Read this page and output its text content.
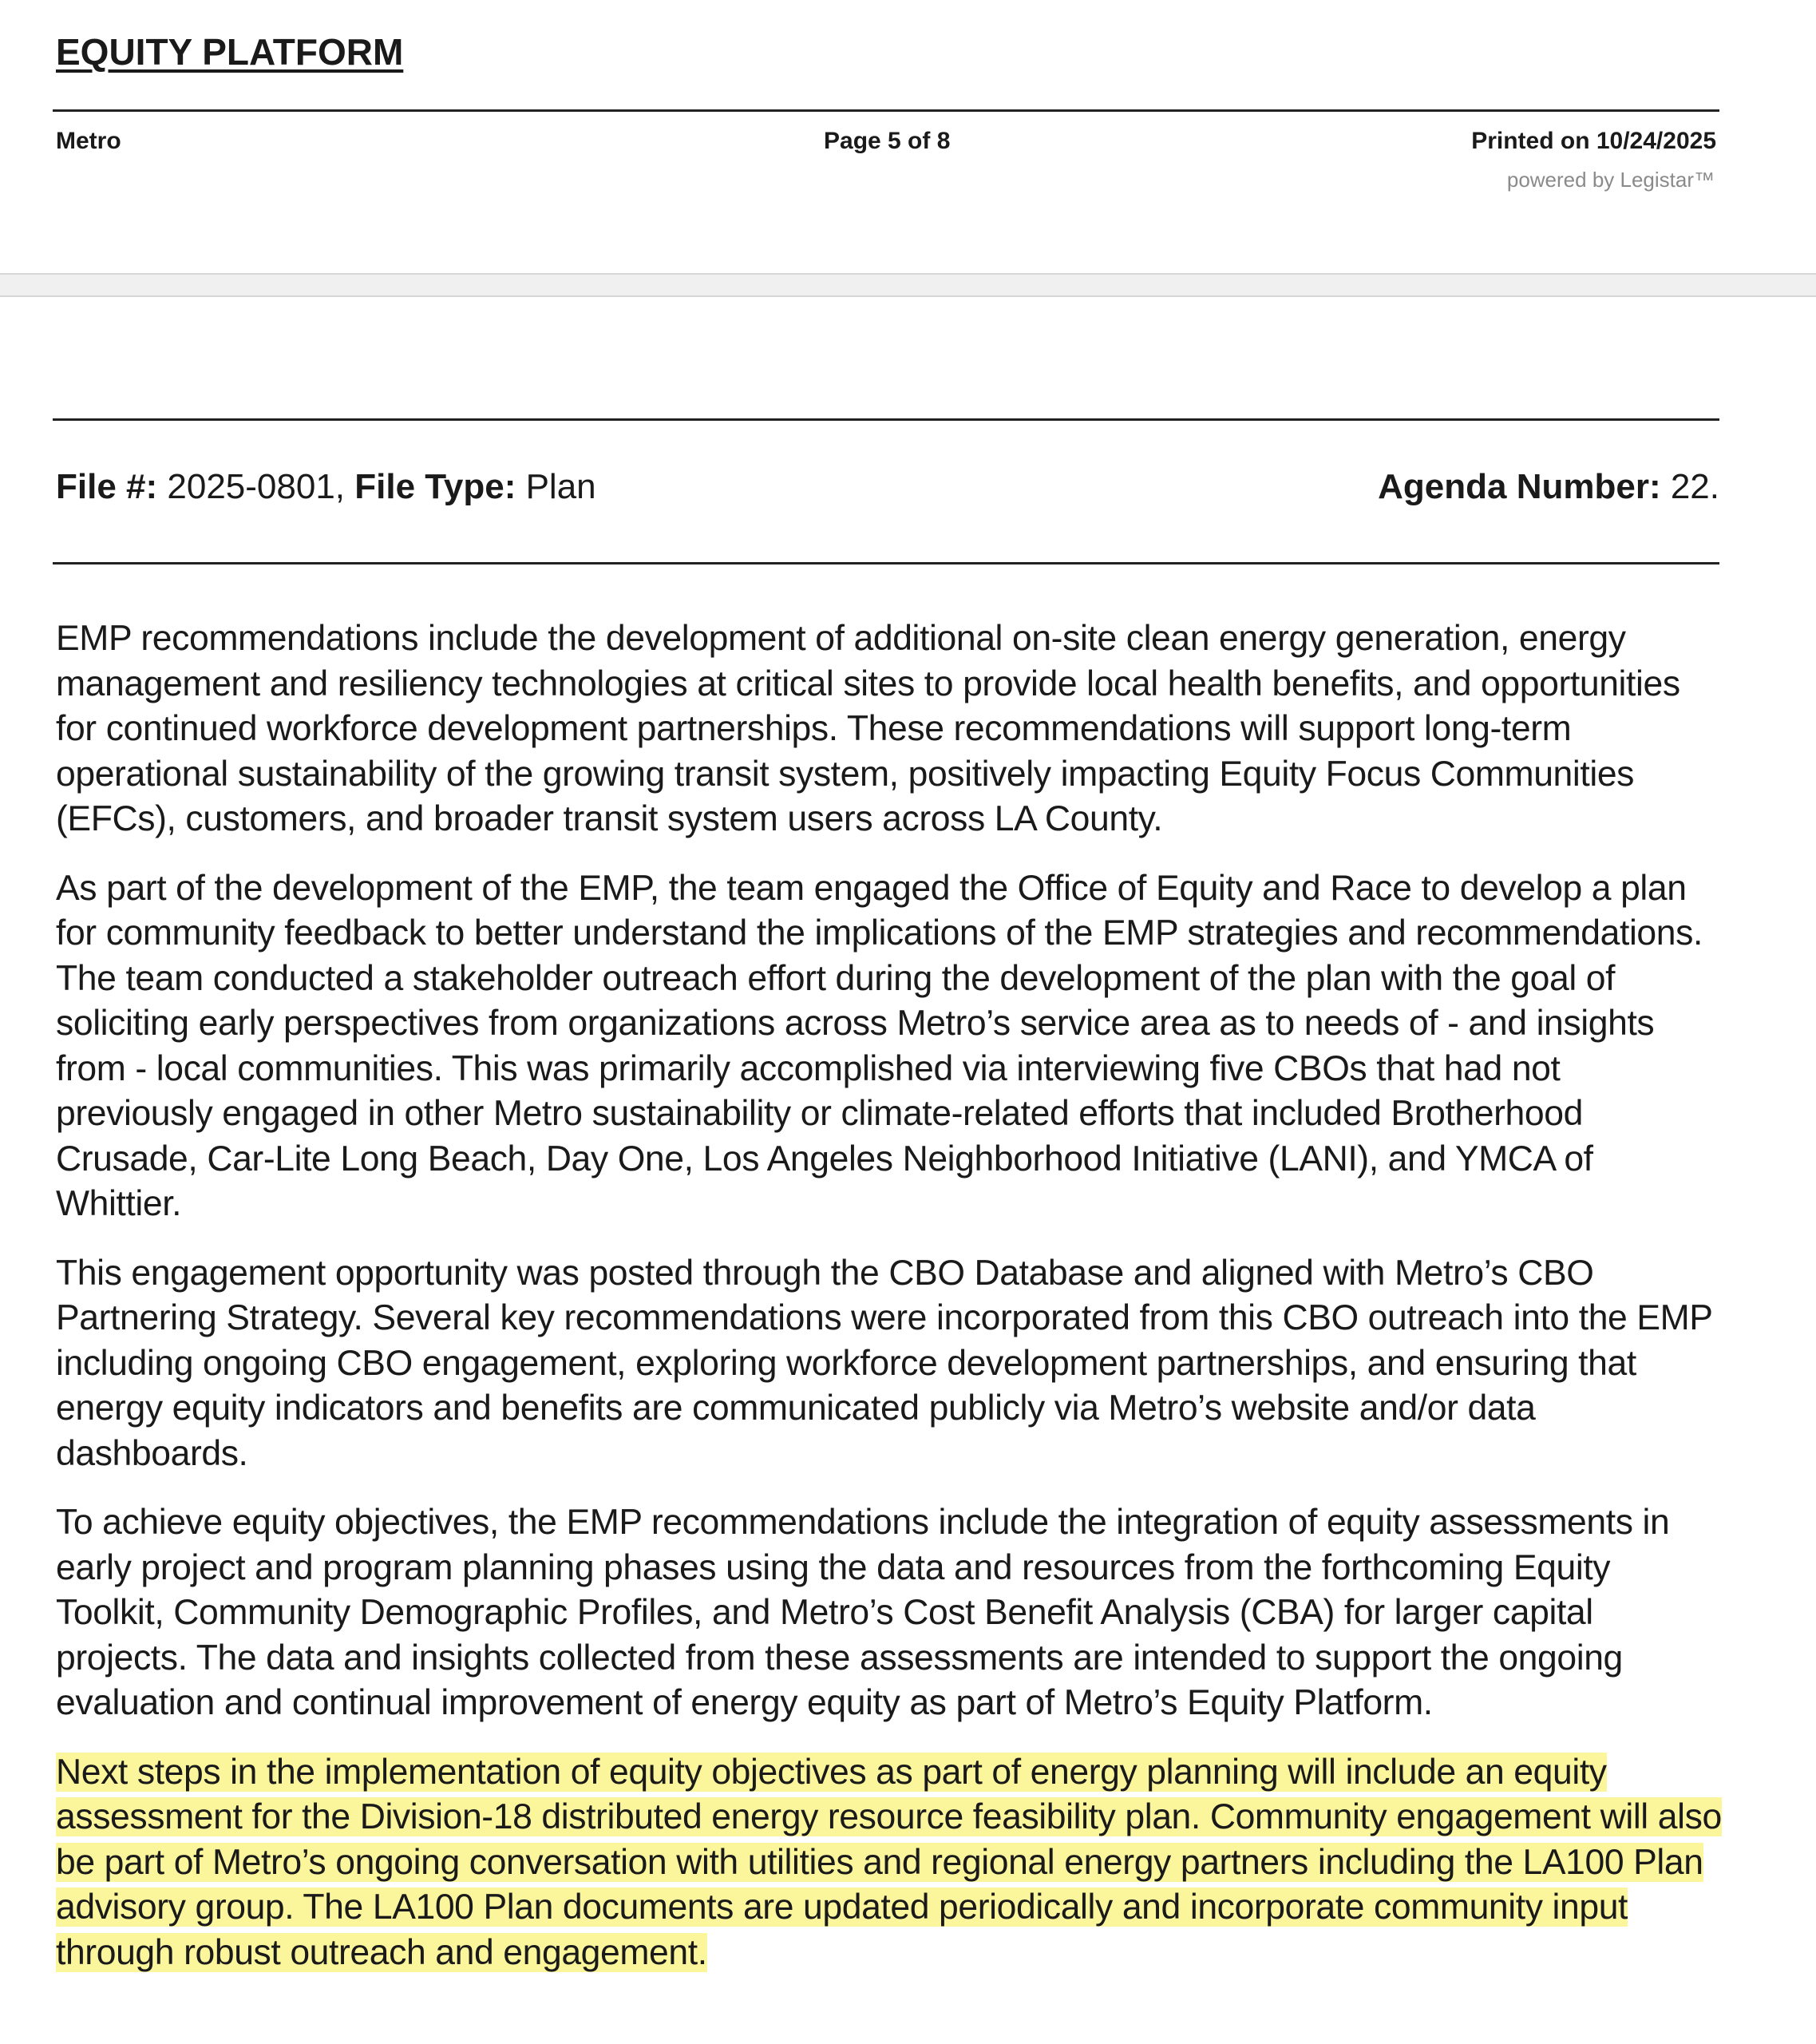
EQUITY PLATFORM
Metro	Page 5 of 8	Printed on 10/24/2025
powered by Legistar™
File #: 2025-0801, File Type: Plan	Agenda Number: 22.

EMP recommendations include the development of additional on-site clean energy generation, energy management and resiliency technologies at critical sites to provide local health benefits, and opportunities for continued workforce development partnerships. These recommendations will support long-term operational sustainability of the growing transit system, positively impacting Equity Focus Communities (EFCs), customers, and broader transit system users across LA County.

As part of the development of the EMP, the team engaged the Office of Equity and Race to develop a plan for community feedback to better understand the implications of the EMP strategies and recommendations. The team conducted a stakeholder outreach effort during the development of the plan with the goal of soliciting early perspectives from organizations across Metro’s service area as to needs of - and insights from - local communities. This was primarily accomplished via interviewing five CBOs that had not previously engaged in other Metro sustainability or climate-related efforts that included Brotherhood Crusade, Car-Lite Long Beach, Day One, Los Angeles Neighborhood Initiative (LANI), and YMCA of Whittier.

This engagement opportunity was posted through the CBO Database and aligned with Metro’s CBO Partnering Strategy. Several key recommendations were incorporated from this CBO outreach into the EMP including ongoing CBO engagement, exploring workforce development partnerships, and ensuring that energy equity indicators and benefits are communicated publicly via Metro’s website and/or data dashboards.

To achieve equity objectives, the EMP recommendations include the integration of equity assessments in early project and program planning phases using the data and resources from the forthcoming Equity Toolkit, Community Demographic Profiles, and Metro’s Cost Benefit Analysis (CBA) for larger capital projects. The data and insights collected from these assessments are intended to support the ongoing evaluation and continual improvement of energy equity as part of Metro’s Equity Platform.

Next steps in the implementation of equity objectives as part of energy planning will include an equity assessment for the Division-18 distributed energy resource feasibility plan. Community engagement will also be part of Metro’s ongoing conversation with utilities and regional energy partners including the LA100 Plan advisory group. The LA100 Plan documents are updated periodically and incorporate community input through robust outreach and engagement.
